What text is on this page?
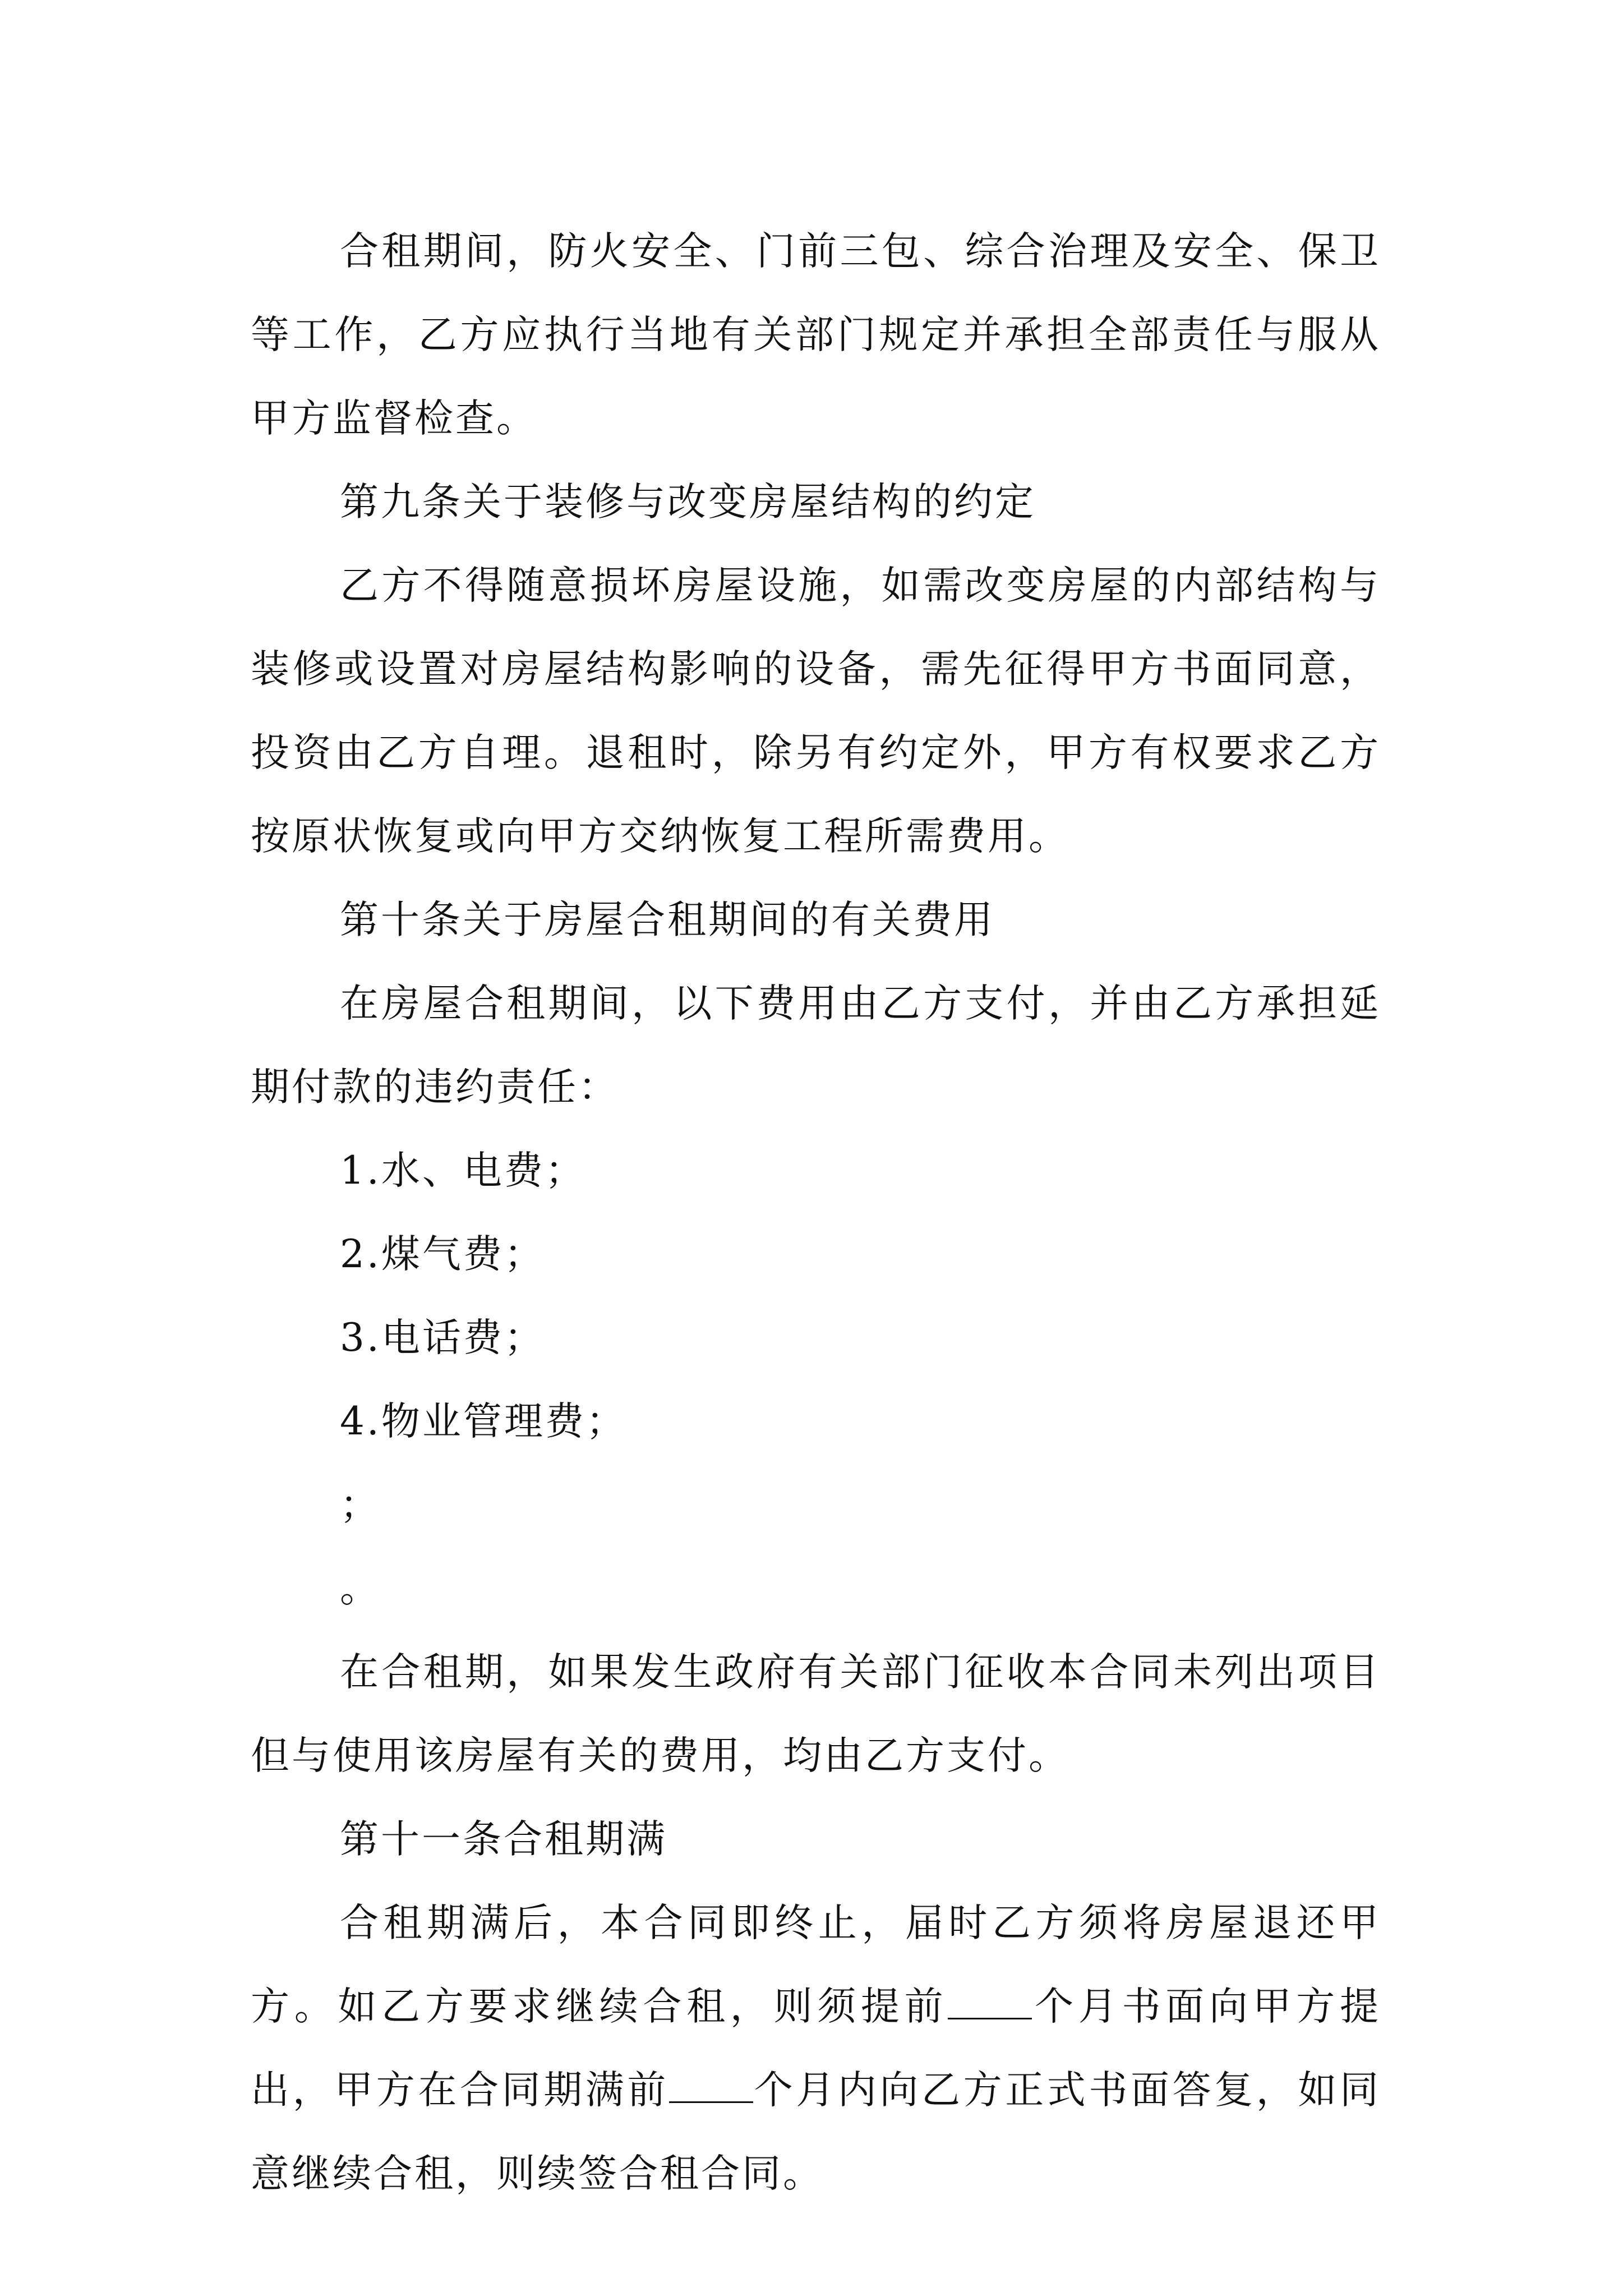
合租期间，防火安全、门前三包、综合治理及安全、保卫等工作，乙方应执行当地有关部门规定并承担全部责任与服从甲方监督检查。

第九条关于装修与改变房屋结构的约定

乙方不得随意损坏房屋设施，如需改变房屋的内部结构与装修或设置对房屋结构影响的设备，需先征得甲方书面同意，投资由乙方自理。退租时，除另有约定外，甲方有权要求乙方按原状恢复或向甲方交纳恢复工程所需费用。

第十条关于房屋合租期间的有关费用

在房屋合租期间，以下费用由乙方支付，并由乙方承担延期付款的违约责任：

1.水、电费；

2.煤气费；

3.电话费；

4.物业管理费；

；

。

在合租期，如果发生政府有关部门征收本合同未列出项目但与使用该房屋有关的费用，均由乙方支付。

第十一条合租期满

合租期满后，本合同即终止，届时乙方须将房屋退还甲方。如乙方要求继续合租，则须提前 个月书面向甲方提出，甲方在合同期满前 个月内向乙方正式书面答复，如同意继续合租，则续签合租合同。
